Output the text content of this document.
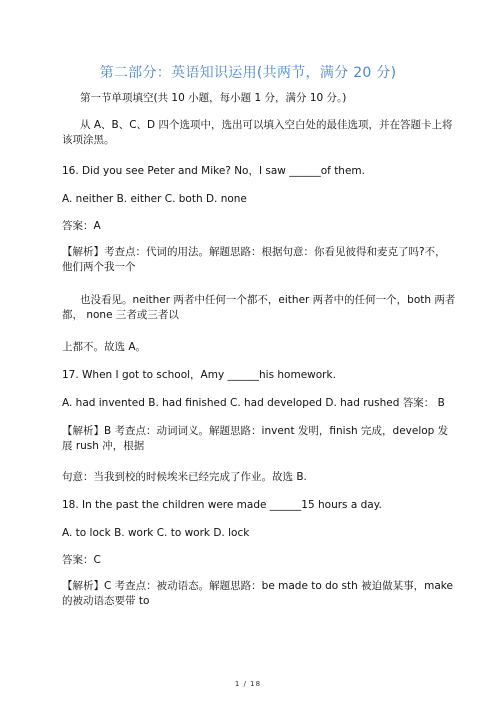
第二部分：英语知识运用(共两节，满分 20 分)
第一节单项填空(共 10 小题，每小题 1 分，满分 10 分。)
从 A、B、C、D 四个选项中，选出可以填入空白处的最佳选项，并在答题卡上将该项涂黑。
16. Did you see Peter and Mike? No，I saw ______of them.
A. neither B. either C. both D. none
答案：A
【解析】考查点：代词的用法。解题思路：根据句意：你看见彼得和麦克了吗?不，他们两个我一个
也没看见。neither 两者中任何一个都不，either 两者中的任何一个，both 两者都， none 三者或三者以
上都不。故选 A。
17. When I got to school，Amy ______his homework.
A. had invented B. had finished C. had developed D. had rushed 答案： B
【解析】B 考查点：动词词义。解题思路：invent 发明，finish 完成，develop 发展 rush 冲，根据
句意：当我到校的时候埃米已经完成了作业。故选 B.
18. In the past the children were made ______15 hours a day.
A. to lock B. work C. to work D. lock
答案：C
【解析】C 考查点：被动语态。解题思路：be made to do sth 被迫做某事，make 的被动语态要带 to
1 / 18
